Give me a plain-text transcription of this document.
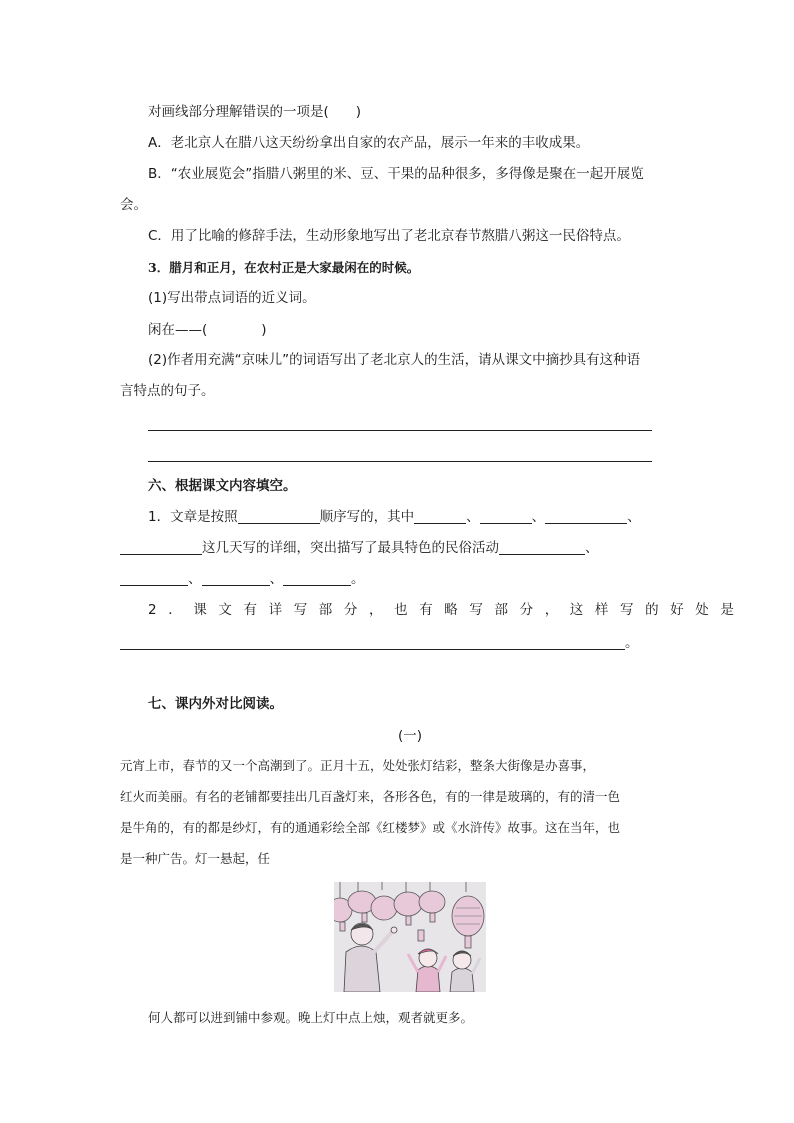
对画线部分理解错误的一项是(　　)
A．老北京人在腊八这天纷纷拿出自家的农产品，展示一年来的丰收成果。
B．“农业展览会”指腊八粥里的米、豆、干果的品种很多，多得像是聚在一起开展览
会。
C．用了比喻的修辞手法，生动形象地写出了老北京春节熬腊八粥这一民俗特点。
3．腊月和正月，在农村正是大家最闲在的时候。
(1)写出带点词语的近义词。
闲在——(　　　　)
(2)作者用充满“京味儿”的词语写出了老北京人的生活，请从课文中摘抄具有这种语
言特点的句子。
六、根据课文内容填空。
1．文章是按照	顺序写的，其中	、	、	、
这几天写的详细，突出描写了最具特色的民俗活动	、
、	、	。
2．课文有详写部分，也有略写部分，这样写的好处是
。
七、课内外对比阅读。
(一)
元宵上市，春节的又一个高潮到了。正月十五，处处张灯结彩，整条大街像是办喜事，
红火而美丽。有名的老铺都要挂出几百盏灯来，各形各色，有的一律是玻璃的，有的清一色
是牛角的，有的都是纱灯，有的通通彩绘全部《红楼梦》或《水浒传》故事。这在当年，也
是一种广告。灯一悬起，任
何人都可以进到铺中参观。晚上灯中点上烛，观者就更多。
